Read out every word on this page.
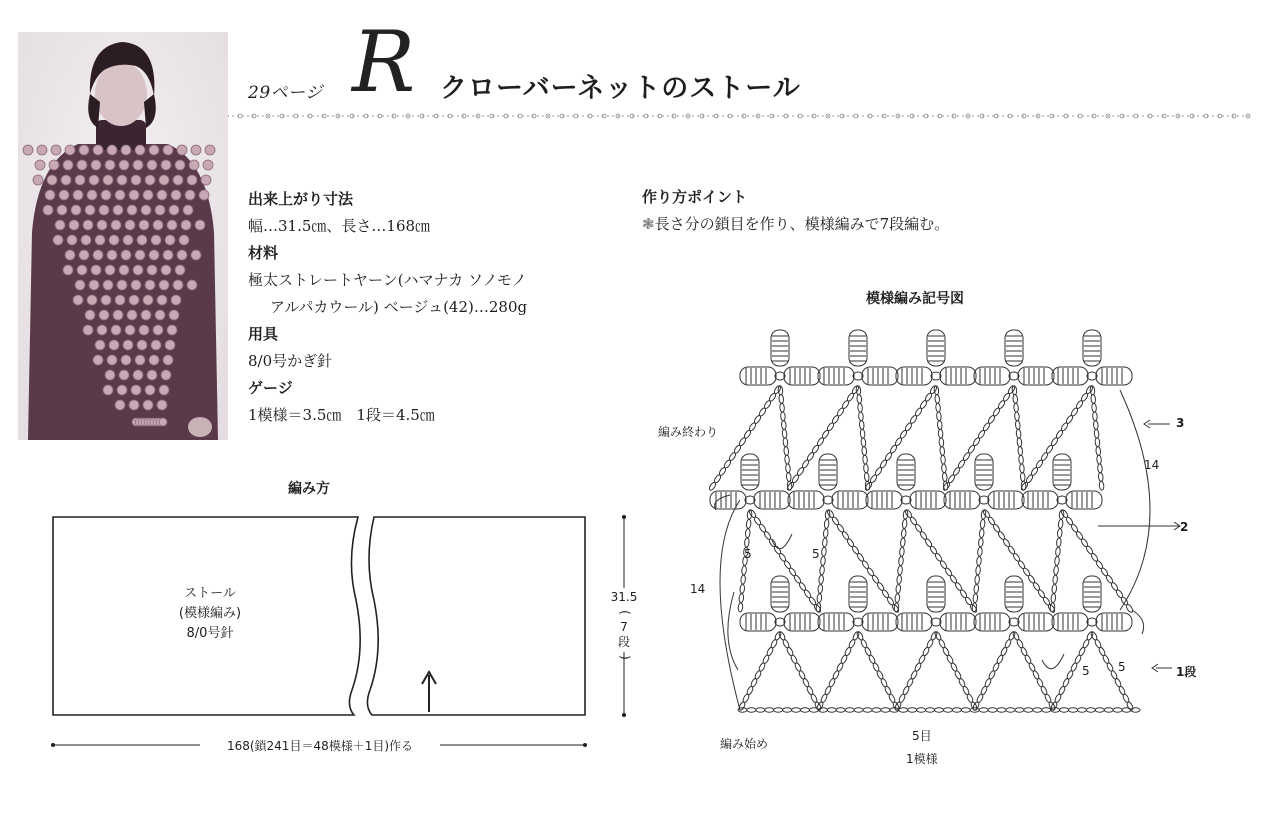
29ページ R クローバーネットのストール
出来上がり寸法
幅…31.5㎝、長さ…168㎝
材料
極太ストレートヤーン(ハマナカ ソノモノ
アルパカウール) ベージュ(42)…280g
用具
8/0号かぎ針
ゲージ
1模様＝3.5㎝　1段＝4.5㎝
作り方ポイント
❃長さ分の鎖目を作り、模様編みで7段編む。
編み方
ストール
(模様編み)
8/0号針
31.5
(
7
段
)
168(鎖241目＝48模様＋1目)作る
模様編み記号図
編み終わり
編み始め
3
2
1段
14
14
5	5
5 5
5目
1模様
